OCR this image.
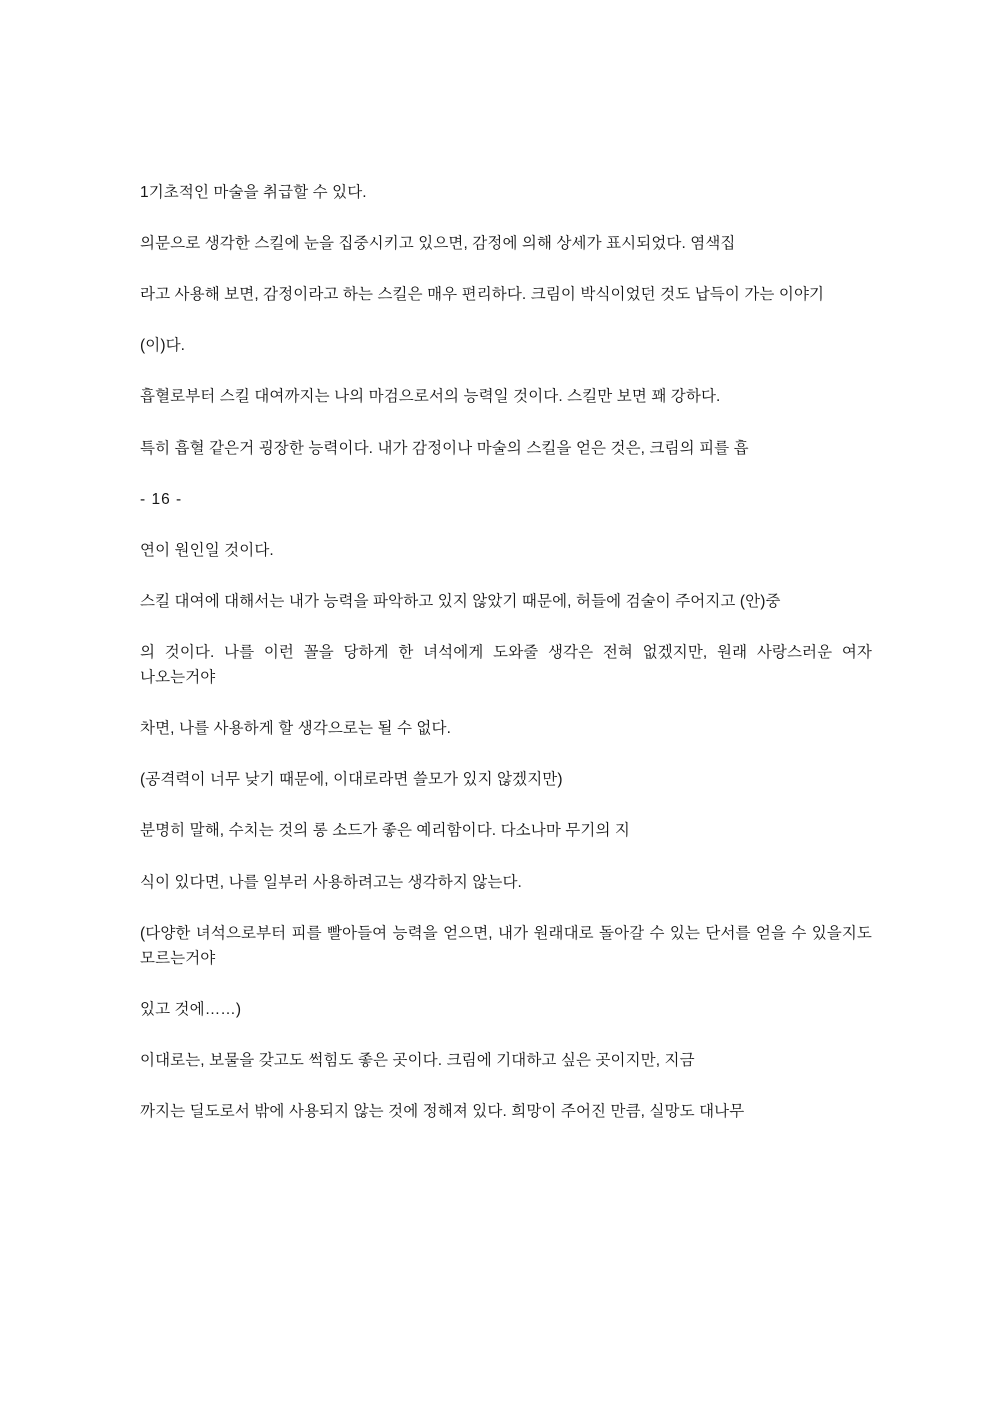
1기초적인 마술을 취급할 수 있다.

의문으로 생각한 스킬에 눈을 집중시키고 있으면, 감정에 의해 상세가 표시되었다. 염색집

라고 사용해 보면, 감정이라고 하는 스킬은 매우 편리하다. 크림이 박식이었던 것도 납득이 가는 이야기

(이)다.

흡혈로부터 스킬 대여까지는 나의 마검으로서의 능력일 것이다. 스킬만 보면 꽤 강하다.

특히 흡혈 같은거 굉장한 능력이다. 내가 감정이나 마술의 스킬을 얻은 것은, 크림의 피를 흡

- 16 -

연이 원인일 것이다.

스킬 대여에 대해서는 내가 능력을 파악하고 있지 않았기 때문에, 허들에 검술이 주어지고 (안)중

의 것이다. 나를 이런 꼴을 당하게 한 녀석에게 도와줄 생각은 전혀 없겠지만, 원래 사랑스러운 여자 나오는거야

차면, 나를 사용하게 할 생각으로는 될 수 없다.

(공격력이 너무 낮기 때문에, 이대로라면 쓸모가 있지 않겠지만)

분명히 말해, 수치는 것의 롱 소드가 좋은 예리함이다. 다소나마 무기의 지

식이 있다면, 나를 일부러 사용하려고는 생각하지 않는다.

(다양한 녀석으로부터 피를 빨아들여 능력을 얻으면, 내가 원래대로 돌아갈 수 있는 단서를 얻을 수 있을지도 모르는거야

있고 것에……)

이대로는, 보물을 갖고도 썩힘도 좋은 곳이다. 크림에 기대하고 싶은 곳이지만, 지금

까지는 딜도로서 밖에 사용되지 않는 것에 정해져 있다. 희망이 주어진 만큼, 실망도 대나무
